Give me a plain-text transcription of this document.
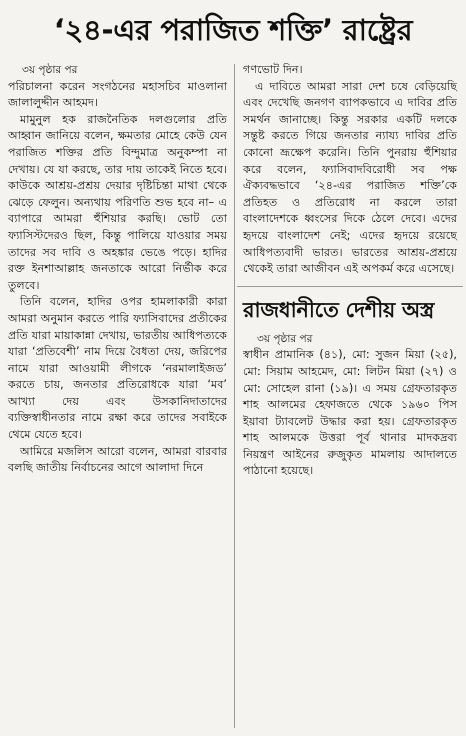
‘২৪-এর পরাজিত শক্তি’ রাষ্ট্রের

৩য় পৃষ্ঠার পর

পরিচালনা করেন সংগঠনের মহাসচিব মাওলানা জালালুদ্দীন আহমদ।

মামুনুল হক রাজনৈতিক দলগুলোর প্রতি আহ্বান জানিয়ে বলেন, ক্ষমতার মোহে কেউ যেন পরাজিত শক্তির প্রতি বিন্দুমাত্র অনুকম্পা না দেখায়। যে যা করছে, তার দায় তাকেই নিতে হবে। কাউকে আশ্রয়-প্রশ্রয় দেয়ার দৃষ্টিচিন্তা মাথা থেকে ঝেড়ে ফেলুন। অন্যথায় পরিণতি শুভ হবে না– এ ব্যাপারে আমরা হুঁশিয়ার করছি। ভোট তো ফ্যাসিস্টদেরও ছিল, কিন্তু পালিয়ে যাওয়ার সময় তাদের সব দাবি ও অহঙ্কার ভেঙে পড়ে। হাদির রক্ত ইনশাআল্লাহ জনতাকে আরো নির্ভীক করে তুলবে।

তিনি বলেন, হাদির ওপর হামলাকারী কারা আমরা অনুমান করতে পারি ফ্যাসিবাদের প্রতীকের প্রতি যারা মায়াকান্না দেখায়, ভারতীয় আধিপত্যকে যারা ‘প্রতিবেশী’ নাম দিয়ে বৈধতা দেয়, জরিপের নামে যারা আওয়ামী লীগকে ‘নরমালাইজড’ করতে চায়, জনতার প্রতিরোধকে যারা ‘মব’ আখ্যা দেয় এবং উসকানিদাতাদের ব্যক্তিস্বাধীনতার নামে রক্ষা করে তাদের সবাইকে থেমে যেতে হবে।

আমিরে মজলিস আরো বলেন, আমরা বারবার বলছি জাতীয় নির্বাচনের আগে আলাদা দিনে

গণভোট দিন।

এ দাবিতে আমরা সারা দেশ চষে বেড়িয়েছি এবং দেখেছি জনগণ ব্যাপকভাবে এ দাবির প্রতি সমর্থন জানাচ্ছে। কিন্তু সরকার একটি দলকে সন্তুষ্ট করতে গিয়ে জনতার ন্যায্য দাবির প্রতি কোনো ভ্রূক্ষেপ করেনি। তিনি পুনরায় হুঁশিয়ার করে বলেন, ফ্যাসিবাদবিরোধী সব পক্ষ ঐক্যবদ্ধভাবে ‘২৪-এর পরাজিত শক্তি’কে প্রতিহত ও প্রতিরোধ না করলে তারা বাংলাদেশকে ধ্বংসের দিকে ঠেলে দেবে। এদের হৃদয়ে বাংলাদেশ নেই; এদের হৃদয়ে রয়েছে আধিপত্যবাদী ভারত। ভারতের আশ্রয়-প্রশ্রয়ে থেকেই তারা আজীবন এই অপকর্ম করে এসেছে।

রাজধানীতে দেশীয় অস্ত্র

৩য় পৃষ্ঠার পর

স্বাধীন প্রামানিক (৪১), মো: সুজন মিয়া (২৫), মো: সিয়াম আহমেদ, মো: লিটন মিয়া (২৭) ও মো: সোহেল রানা (১৯)। এ সময় গ্রেফতারকৃত শাহ আলমের হেফাজতে থেকে ১৯৬০ পিস ইয়াবা ট্যাবলেট উদ্ধার করা হয়। গ্রেফতারকৃত শাহ আলমকে উত্তরা পূর্ব থানার মাদকদ্রব্য নিয়ন্ত্রণ আইনের রুজুকৃত মামলায় আদালতে পাঠানো হয়েছে।
